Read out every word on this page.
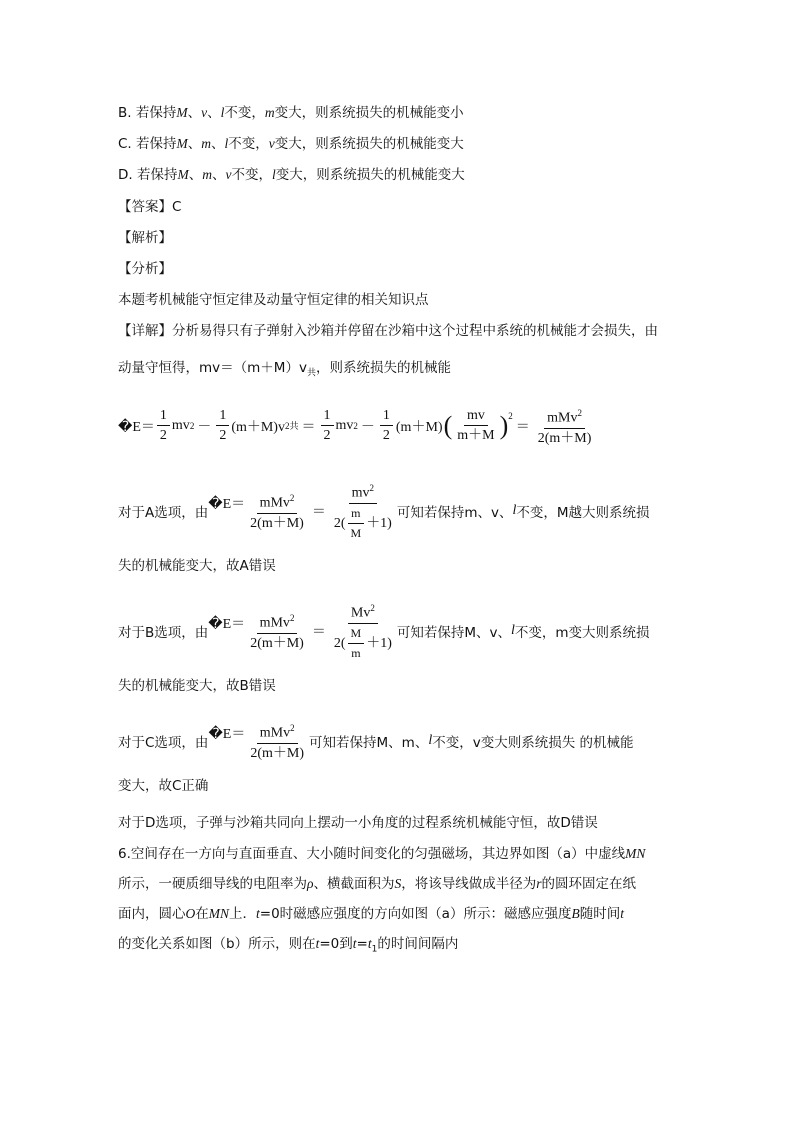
B. 若保持M、v、l不变，m变大，则系统损失的机械能变小
C. 若保持M、m、l不变，v变大，则系统损失的机械能变大
D. 若保持M、m、v不变，l变大，则系统损失的机械能变大
【答案】C
【解析】
【分析】
本题考机械能守恒定律及动量守恒定律的相关知识点
【详解】分析易得只有子弹射入沙箱并停留在沙箱中这个过程中系统的机械能才会损失，由
动量守恒得，$mv=(m+M)v_共$，则系统损失的机械能
�E＝ $\frac{1}{2}$ mv $2 - \frac{1}{2} (m+M)v$ 2 共 ＝ $\frac{1}{2}$ mv $2 - \frac{1}{2} (m+M)$ ( $\frac{mv}{m+M} )^2$
＝ $\frac{mMv^2}{2(m+M)}$
对于A选项，由
�E＝ $\frac{mMv^2}{2(m+M)} = \frac{mv^2}{2( \frac{m}{M} +1)}$ 可知若保持m、v、 l 不变，M越大则系统损
失的机械能变大，故A错误
对于B选项，由
�E＝ $\frac{mMv^2}{2(m+M)} = \frac{Mv^2}{2( \frac{M}{m} +1)}$ 可知若保持M、v、 l 不变，m变大则系统损
失的机械能变大，故B错误
对于C选项，由
�E＝ $\frac{mMv^2}{2(m+M)}$ 可知若保持M、m、 l 不变，v变大则系统损失 的机械能
变大，故C正确
对于D选项，子弹与沙箱共同向上摆动一小角度的过程系统机械能守恒，故D错误
6.空间存在一方向与直面垂直、大小随时间变化的匀强磁场，其边界如图（a）中虚线MN
所示，一硬质细导线的电阻率为ρ、横截面积为S，将该导线做成半径为r的圆环固定在纸
面内，圆心O在MN上．t=0时磁感应强度的方向如图（a）所示：磁感应强度B随时间t
的变化关系如图（b）所示，则在t=0到$t=t_1$的时间间隔内
